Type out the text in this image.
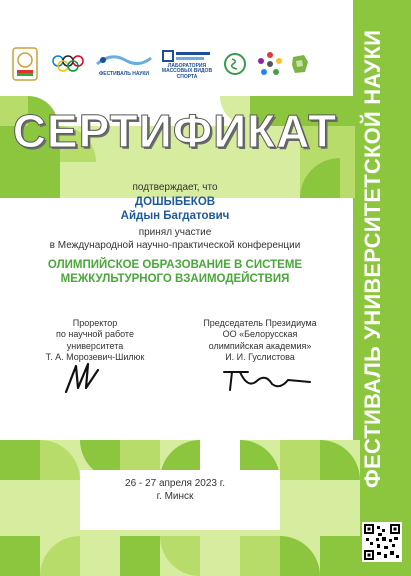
ФЕСТИВАЛЬ УНИВЕРСИТЕТСКОЙ НАУКИ
ФЕСТИВАЛЬ НАУКИ
ЛАБОРАТОРИЯ МАССОВЫХ ВИДОВ СПОРТА
СЕРТИФИКАТ
подтверждает, что
ДОШЫБЕКОВ
Айдын Багдатович
принял участие
в Международной научно-практической конференции
ОЛИМПИЙСКОЕ ОБРАЗОВАНИЕ В СИСТЕМЕ
МЕЖКУЛЬТУРНОГО ВЗАИМОДЕЙСТВИЯ
Проректор
по научной работе
университета
Т. А. Морозевич-Шилюк
Председатель Президиума
ОО «Белорусская
олимпийская академия»
И. И. Гуслистова
26 - 27 апреля 2023 г.
г. Минск
